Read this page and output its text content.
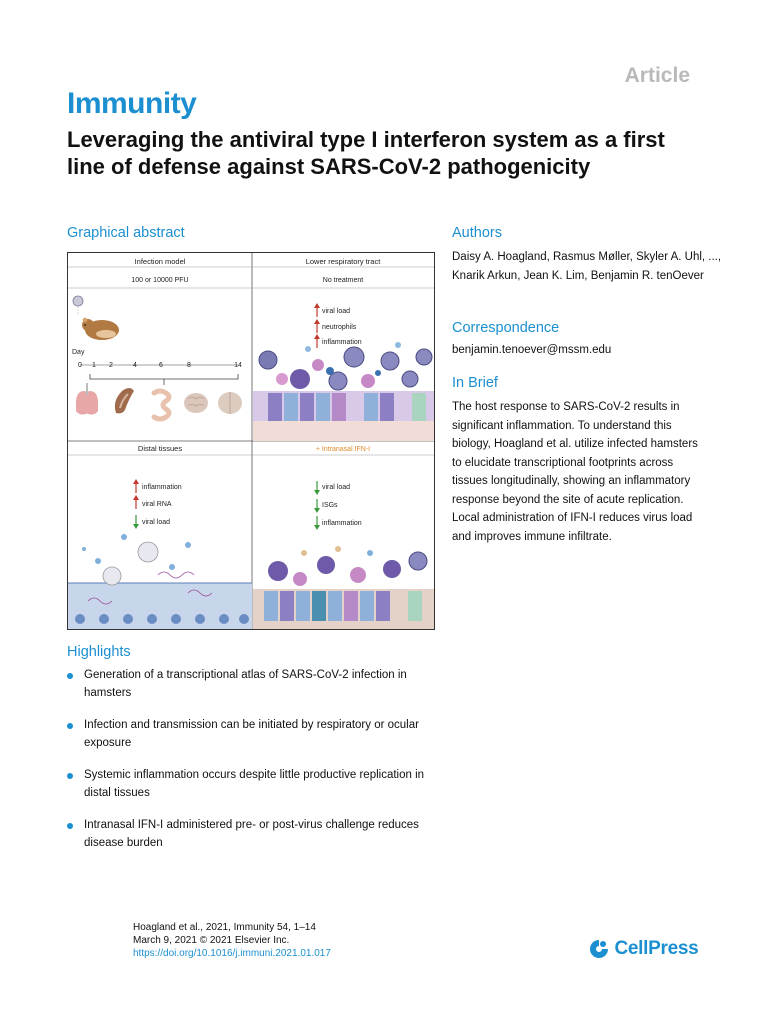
Article
Immunity
Leveraging the antiviral type I interferon system as a first line of defense against SARS-CoV-2 pathogenicity
Graphical abstract
Infection model
100 or 10000 PFU
Lower respiratory tract
No treatment
Distal tissues	+ Intranasal IFN-I
Day
0 1 2	4	6	8	14
viral load
neutrophils
inflammation
inflammation
viral RNA
viral load
viral load
ISGs
inflammation
Authors
Daisy A. Hoagland, Rasmus Møller, Skyler A. Uhl, ..., Knarik Arkun, Jean K. Lim, Benjamin R. tenOever
Correspondence
benjamin.tenoever@mssm.edu
In Brief
The host response to SARS-CoV-2 results in significant inflammation. To understand this biology, Hoagland et al. utilize infected hamsters to elucidate transcriptional footprints across tissues longitudinally, showing an inflammatory response beyond the site of acute replication. Local administration of IFN-I reduces virus load and improves immune infiltrate.
Highlights
Generation of a transcriptional atlas of SARS-CoV-2 infection in hamsters
Infection and transmission can be initiated by respiratory or ocular exposure
Systemic inflammation occurs despite little productive replication in distal tissues
Intranasal IFN-I administered pre- or post-virus challenge reduces disease burden
Hoagland et al., 2021, Immunity 54, 1–14
March 9, 2021 © 2021 Elsevier Inc.
https://doi.org/10.1016/j.immuni.2021.01.017	CellPress
